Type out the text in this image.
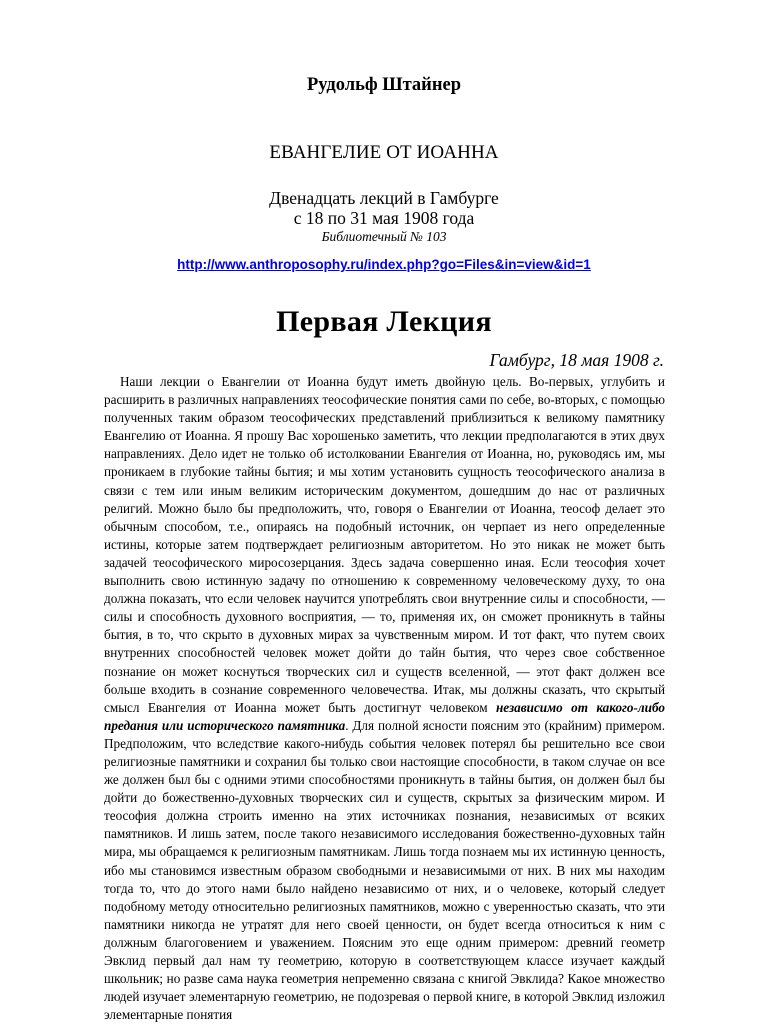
Рудольф Штайнер
ЕВАНГЕЛИЕ ОТ ИОАННА
Двенадцать лекций в Гамбурге
с 18 по 31 мая 1908 года
Библиотечный № 103
http://www.anthroposophy.ru/index.php?go=Files&in=view&id=1
Первая Лекция
Гамбург, 18 мая 1908 г.

Наши лекции о Евангелии от Иоанна будут иметь двойную цель. Во-первых, углубить и расширить в различных направлениях теософические понятия сами по себе, во-вторых, с помощью полученных таким образом теософических представлений приблизиться к великому памятнику Евангелию от Иоанна. Я прошу Вас хорошенько заметить, что лекции предполагаются в этих двух направлениях. Дело идет не только об истолковании Евангелия от Иоанна, но, руководясь им, мы проникаем в глубокие тайны бытия; и мы хотим установить сущность теософического анализа в связи с тем или иным великим историческим документом, дошедшим до нас от различных религий. Можно было бы предположить, что, говоря о Евангелии от Иоанна, теософ делает это обычным способом, т.е., опираясь на подобный источник, он черпает из него определенные истины, которые затем подтверждает религиозным авторитетом. Но это никак не может быть задачей теософического миросозерцания. Здесь задача совершенно иная. Если теософия хочет выполнить свою истинную задачу по отношению к современному человеческому духу, то она должна показать, что если человек научится употреблять свои внутренние силы и способности, — силы и способность духовного восприятия, — то, применяя их, он сможет проникнуть в тайны бытия, в то, что скрыто в духовных мирах за чувственным миром. И тот факт, что путем своих внутренних способностей человек может дойти до тайн бытия, что через свое собственное познание он может коснуться творческих сил и существ вселенной, — этот факт должен все больше входить в сознание современного человечества. Итак, мы должны сказать, что скрытый смысл Евангелия от Иоанна может быть достигнут человеком независимо от какого-либо предания или исторического памятника. Для полной ясности поясним это (крайним) примером. Предположим, что вследствие какого-нибудь события человек потерял бы решительно все свои религиозные памятники и сохранил бы только свои настоящие способности, в таком случае он все же должен был бы с одними этими способностями проникнуть в тайны бытия, он должен был бы дойти до божественно-духовных творческих сил и существ, скрытых за физическим миром. И теософия должна строить именно на этих источниках познания, независимых от всяких памятников. И лишь затем, после такого независимого исследования божественно-духовных тайн мира, мы обращаемся к религиозным памятникам. Лишь тогда познаем мы их истинную ценность, ибо мы становимся известным образом свободными и независимыми от них. В них мы находим тогда то, что до этого нами было найдено независимо от них, и о человеке, который следует подобному методу относительно религиозных памятников, можно с уверенностью сказать, что эти памятники никогда не утратят для него своей ценности, он будет всегда относиться к ним с должным благоговением и уважением. Поясним это еще одним примером: древний геометр Эвклид первый дал нам ту геометрию, которую в соответствующем классе изучает каждый школьник; но разве сама наука геометрия непременно связана с книгой Эвклида? Какое множество людей изучает элементарную геометрию, не подозревая о первой книге, в которой Эвклид изложил элементарные понятия
